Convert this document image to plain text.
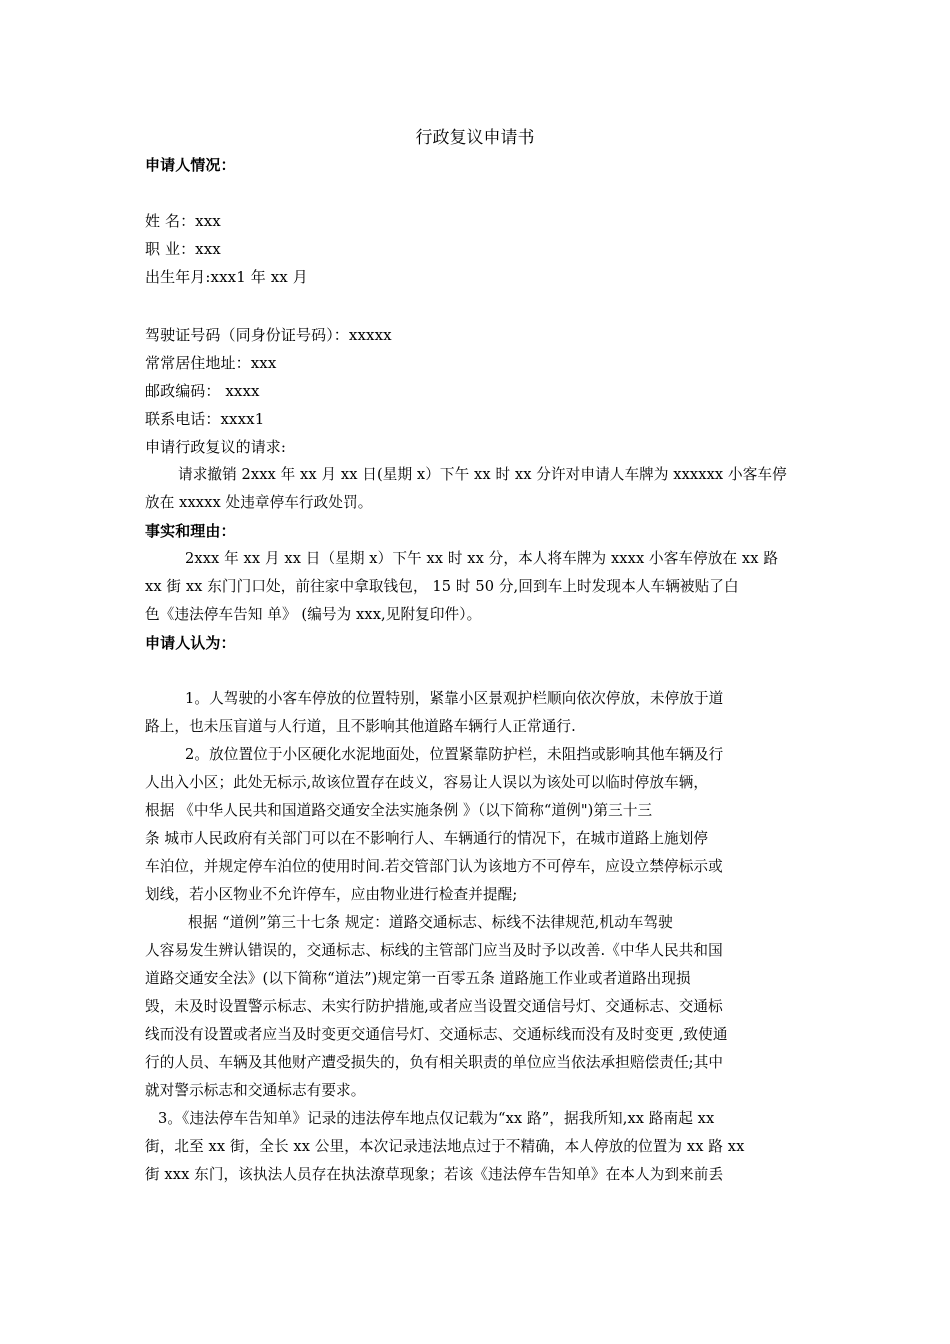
行政复议申请书
申请人情况：
姓 名：xxx
职 业：xxx
出生年月:xxx1 年 xx 月
驾驶证号码（同身份证号码）：xxxxx
常常居住地址：xxx
邮政编码： xxxx
联系电话：xxxx1
申请行政复议的请求:
请求撤销 2xxx 年 xx 月 xx 日(星期 x）下午 xx 时 xx 分许对申请人车牌为 xxxxxx 小客车停
放在 xxxxx 处违章停车行政处罚。
事实和理由：
2xxx 年 xx 月 xx 日（星期 x）下午 xx 时 xx 分，本人将车牌为 xxxx 小客车停放在 xx 路
xx 街 xx 东门门口处，前往家中拿取钱包， 15 时 50 分,回到车上时发现本人车辆被贴了白
色《违法停车告知 单》 (编号为 xxx,见附复印件）。
申请人认为：
1。人驾驶的小客车停放的位置特别，紧靠小区景观护栏顺向依次停放，未停放于道
路上，也未压盲道与人行道，且不影响其他道路车辆行人正常通行.
2。放位置位于小区硬化水泥地面处，位置紧靠防护栏，未阻挡或影响其他车辆及行
人出入小区；此处无标示,故该位置存在歧义，容易让人误以为该处可以临时停放车辆，
根据 《中华人民共和国道路交通安全法实施条例 》（以下简称“道例")第三十三
条 城市人民政府有关部门可以在不影响行人、车辆通行的情况下，在城市道路上施划停
车泊位，并规定停车泊位的使用时间.若交管部门认为该地方不可停车，应设立禁停标示或
划线，若小区物业不允许停车，应由物业进行检查并提醒;
根据 “道例”第三十七条 规定：道路交通标志、标线不法律规范,机动车驾驶
人容易发生辨认错误的，交通标志、标线的主管部门应当及时予以改善.《中华人民共和国
道路交通安全法》(以下简称“道法”)规定第一百零五条 道路施工作业或者道路出现损
毁，未及时设置警示标志、未实行防护措施,或者应当设置交通信号灯、交通标志、交通标
线而没有设置或者应当及时变更交通信号灯、交通标志、交通标线而没有及时变更 ,致使通
行的人员、车辆及其他财产遭受损失的，负有相关职责的单位应当依法承担赔偿责任;其中
就对警示标志和交通标志有要求。
3。《违法停车告知单》记录的违法停车地点仅记载为“xx 路”，据我所知,xx 路南起 xx
街，北至 xx 街，全长 xx 公里，本次记录违法地点过于不精确，本人停放的位置为 xx 路 xx
街 xxx 东门，该执法人员存在执法潦草现象；若该《违法停车告知单》在本人为到来前丢
